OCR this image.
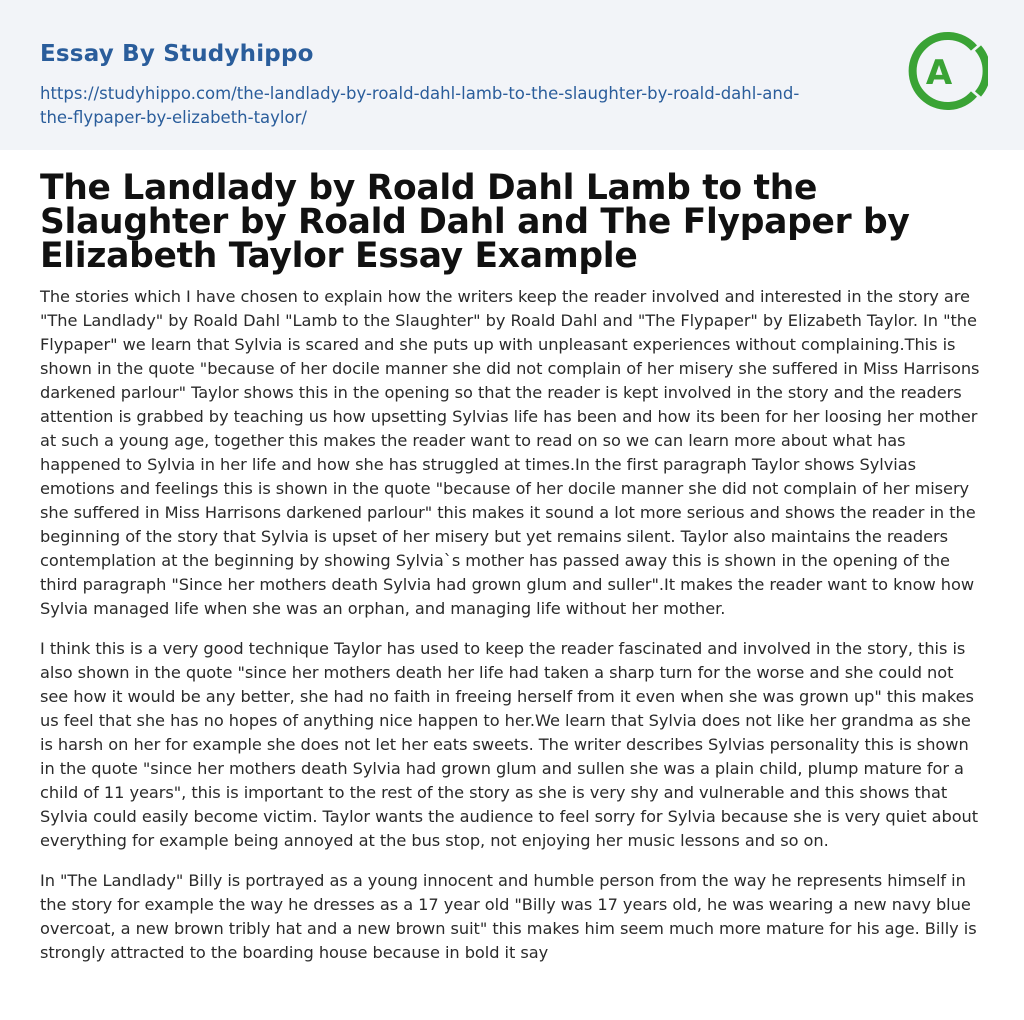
Essay By Studyhippo
https://studyhippo.com/the-landlady-by-roald-dahl-lamb-to-the-slaughter-by-roald-dahl-and-
the-flypaper-by-elizabeth-taylor/
A
The Landlady by Roald Dahl Lamb to the Slaughter by Roald Dahl and The Flypaper by Elizabeth Taylor Essay Example

The stories which I have chosen to explain how the writers keep the reader involved and interested in the story are "The Landlady" by Roald Dahl "Lamb to the Slaughter" by Roald Dahl and "The Flypaper" by Elizabeth Taylor. In "the Flypaper" we learn that Sylvia is scared and she puts up with unpleasant experiences without complaining.This is shown in the quote "because of her docile manner she did not complain of her misery she suffered in Miss Harrisons darkened parlour" Taylor shows this in the opening so that the reader is kept involved in the story and the readers attention is grabbed by teaching us how upsetting Sylvias life has been and how its been for her loosing her mother at such a young age, together this makes the reader want to read on so we can learn more about what has happened to Sylvia in her life and how she has struggled at times.In the first paragraph Taylor shows Sylvias emotions and feelings this is shown in the quote "because of her docile manner she did not complain of her misery she suffered in Miss Harrisons darkened parlour" this makes it sound a lot more serious and shows the reader in the beginning of the story that Sylvia is upset of her misery but yet remains silent. Taylor also maintains the readers contemplation at the beginning by showing Sylvia`s mother has passed away this is shown in the opening of the third paragraph "Since her mothers death Sylvia had grown glum and suller".It makes the reader want to know how Sylvia managed life when she was an orphan, and managing life without her mother.

I think this is a very good technique Taylor has used to keep the reader fascinated and involved in the story, this is also shown in the quote "since her mothers death her life had taken a sharp turn for the worse and she could not see how it would be any better, she had no faith in freeing herself from it even when she was grown up" this makes us feel that she has no hopes of anything nice happen to her.We learn that Sylvia does not like her grandma as she is harsh on her for example she does not let her eats sweets. The writer describes Sylvias personality this is shown in the quote "since her mothers death Sylvia had grown glum and sullen she was a plain child, plump mature for a child of 11 years", this is important to the rest of the story as she is very shy and vulnerable and this shows that Sylvia could easily become victim. Taylor wants the audience to feel sorry for Sylvia because she is very quiet about everything for example being annoyed at the bus stop, not enjoying her music lessons and so on.

In "The Landlady" Billy is portrayed as a young innocent and humble person from the way he represents himself in the story for example the way he dresses as a 17 year old "Billy was 17 years old, he was wearing a new navy blue overcoat, a new brown tribly hat and a new brown suit" this makes him seem much more mature for his age. Billy is strongly attracted to the boarding house because in bold it say
